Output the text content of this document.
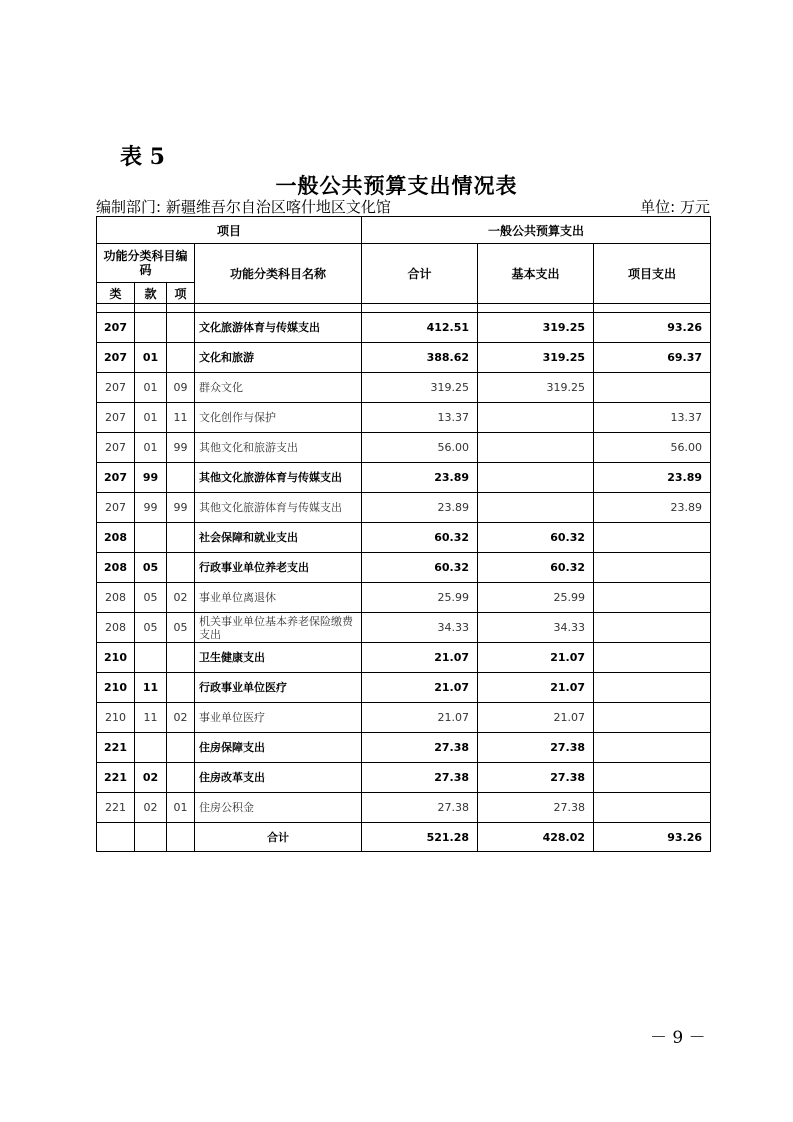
表 5
一般公共预算支出情况表
编制部门: 新疆维吾尔自治区喀什地区文化馆	单位: 万元
项目				一般公共预算支出		
功能分类科目编码			功能分类科目名称	合计	基本支出	项目支出
类	款	项				

207			文化旅游体育与传媒支出	412.51	319.25	93.26
207	01		文化和旅游	388.62	319.25	69.37
207	01	09	群众文化	319.25	319.25	
207	01	11	文化创作与保护	13.37		13.37
207	01	99	其他文化和旅游支出	56.00		56.00
207	99		其他文化旅游体育与传媒支出	23.89		23.89
207	99	99	其他文化旅游体育与传媒支出	23.89		23.89
208			社会保障和就业支出	60.32	60.32	
208	05		行政事业单位养老支出	60.32	60.32	
208	05	02	事业单位离退休	25.99	25.99	
208	05	05	机关事业单位基本养老保险缴费支出	34.33	34.33	
210			卫生健康支出	21.07	21.07	
210	11		行政事业单位医疗	21.07	21.07	
210	11	02	事业单位医疗	21.07	21.07	
221			住房保障支出	27.38	27.38	
221	02		住房改革支出	27.38	27.38	
221	02	01	住房公积金	27.38	27.38	
			合计	521.28	428.02	93.26
－ 9 －
